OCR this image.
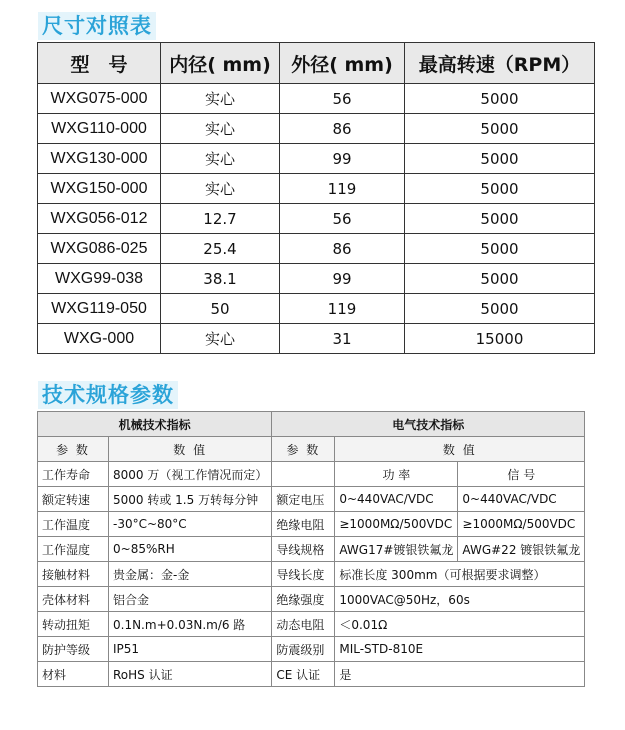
尺寸对照表
型　号	内径( mm)	外径( mm)	最高转速（RPM）
WXG075-000	实心	56	5000
WXG110-000	实心	86	5000
WXG130-000	实心	99	5000
WXG150-000	实心	119	5000
WXG056-012	12.7	56	5000
WXG086-025	25.4	86	5000
WXG99-038	38.1	99	5000
WXG119-050	50	119	5000
WXG-000	实心	31	15000
技术规格参数
机械技术指标		电气技术指标		
参 数	数 值	参 数	数 值	
工作寿命	8000 万（视工作情况而定）		功 率	信 号
额定转速	5000 转或 1.5 万转每分钟	额定电压	0~440VAC/VDC	0~440VAC/VDC
工作温度	-30°C~80°C	绝缘电阻	≥1000MΩ/500VDC	≥1000MΩ/500VDC
工作湿度	0~85%RH	导线规格	AWG17#镀银铁氟龙	AWG#22 镀银铁氟龙
接触材料	贵金属：金-金	导线长度	标准长度 300mm（可根据要求调整）	
壳体材料	铝合金	绝缘强度	1000VAC@50Hz，60s	
转动扭矩	0.1N.m+0.03N.m/6 路	动态电阻	＜0.01Ω	
防护等级	IP51	防震级别	MIL-STD-810E	
材料	RoHS 认证	CE 认证	是	
